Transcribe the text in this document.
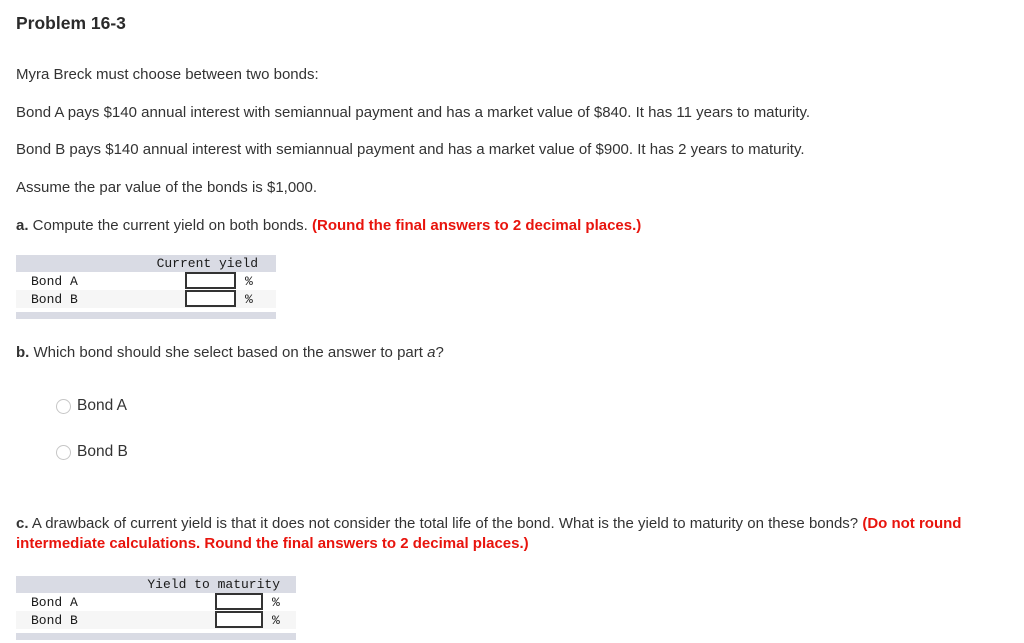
Problem 16-3

Myra Breck must choose between two bonds:

Bond A pays $140 annual interest with semiannual payment and has a market value of $840. It has 11 years to maturity.

Bond B pays $140 annual interest with semiannual payment and has a market value of $900. It has 2 years to maturity.

Assume the par value of the bonds is $1,000.

a. Compute the current yield on both bonds. (Round the final answers to 2 decimal places.)

Current yield
Bond A	%
Bond B	%

b. Which bond should she select based on the answer to part a?

Bond A
Bond B

c. A drawback of current yield is that it does not consider the total life of the bond. What is the yield to maturity on these bonds? (Do not round intermediate calculations. Round the final answers to 2 decimal places.)

Yield to maturity
Bond A	%
Bond B	%
